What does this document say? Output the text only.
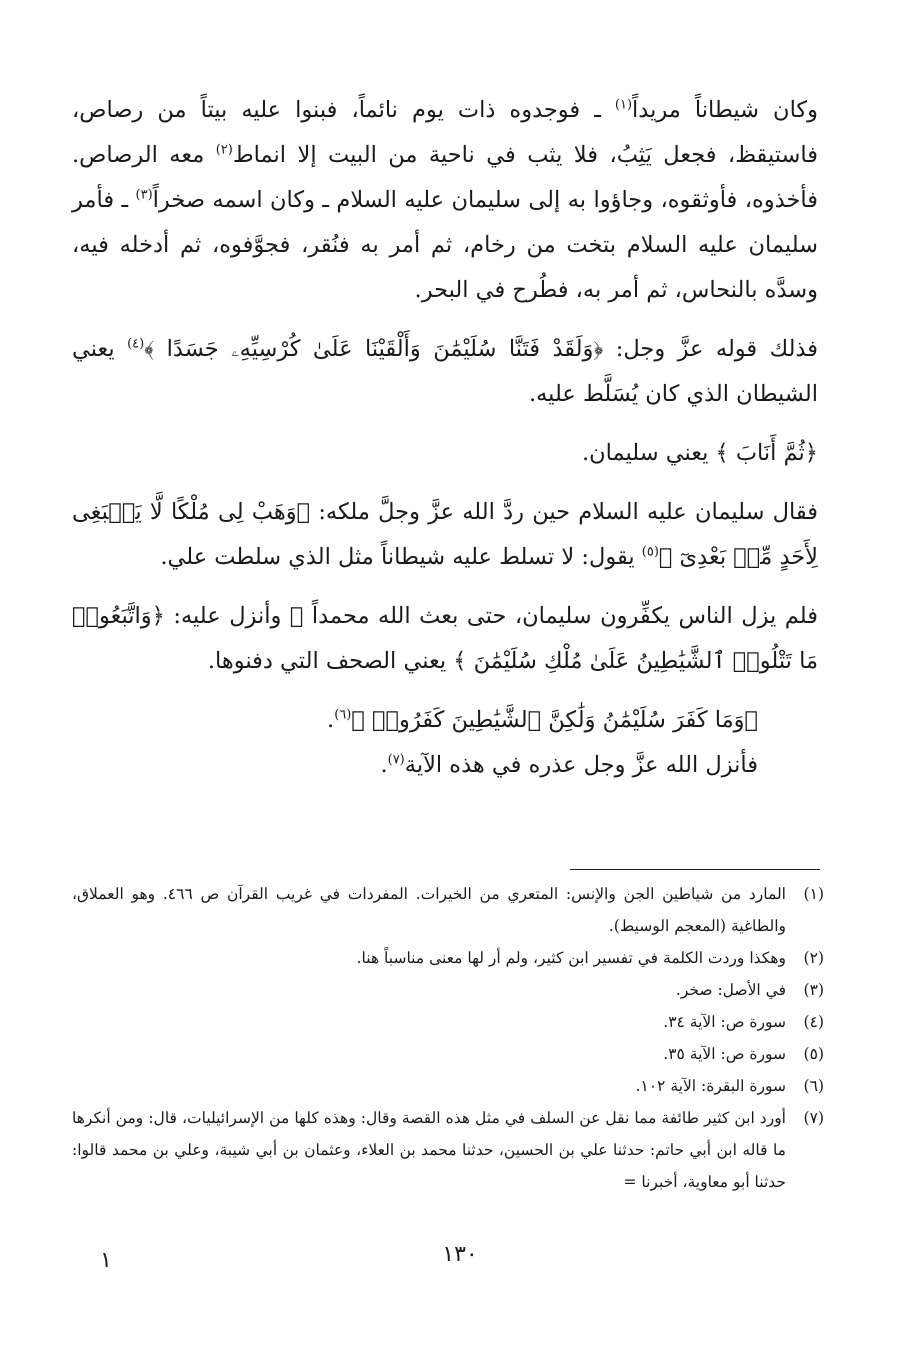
وكان شيطاناً مريداً$^{(١)}$ ـ فوجدوه ذات يوم نائماً، فبنوا عليه بيتاً من رصاص، فاستيقظ، فجعل يَثِبُ، فلا يثب في ناحية من البيت إلا انماط$^{(٢)}$ معه الرصاص. فأخذوه، فأوثقوه، وجاؤوا به إلى سليمان عليه السلام ـ وكان اسمه صخراً$^{(٣)}$ ـ فأمر سليمان عليه السلام بتخت من رخام، ثم أمر به فنُقر، فجوَّفوه، ثم أدخله فيه، وسدَّه بالنحاس، ثم أمر به، فطُرح في البحر.

فذلك قوله عزَّ وجل: ﴿وَلَقَدْ فَتَنَّا سُلَيْمَٰنَ وَأَلْقَيْنَا عَلَىٰ كُرْسِيِّهِۦ جَسَدًا ﴾$^{(٤)}$ يعني الشيطان الذي كان يُسَلَّط عليه.

﴿ثُمَّ أَنَابَ ﴾ يعني سليمان.

فقال سليمان عليه السلام حين ردَّ الله عزَّ وجلَّ ملكه: ﴿وَهَبْ لِى مُلْكًا لَّا يَنۢبَغِى لِأَحَدٍ مِّنۢ بَعْدِىٓ ﴾$^{(٥)}$ يقول: لا تسلط عليه شيطاناً مثل الذي سلطت علي.

فلم يزل الناس يكفِّرون سليمان، حتى بعث الله محمداً ﷺ وأنزل عليه: ﴿وَاتَّبَعُوا۟ مَا تَتْلُوا۟ ٱلشَّيَٰطِينُ عَلَىٰ مُلْكِ سُلَيْمَٰنَ ﴾ يعني الصحف التي دفنوها.

﴿وَمَا كَفَرَ سُلَيْمَٰنُ وَلَٰكِنَّ ٱلشَّيَٰطِينَ كَفَرُوا۟ ﴾$^{(٦)}$.

فأنزل الله عزَّ وجل عذره في هذه الآية$^{(٧)}$.

(١)
المارد من شياطين الجن والإنس: المتعري من الخيرات. المفردات في غريب القرآن ص ٤٦٦. وهو العملاق، والطاغية (المعجم الوسيط).
(٢)
وهكذا وردت الكلمة في تفسير ابن كثير، ولم أر لها معنى مناسباً هنا.
(٣)
في الأصل: صخر.
(٤)
سورة ص: الآية ٣٤.
(٥)
سورة ص: الآية ٣٥.
(٦)
سورة البقرة: الآية ١٠٢.
(٧)
أورد ابن كثير طائفة مما نقل عن السلف في مثل هذه القصة وقال: وهذه كلها من الإسرائيليات، قال: ومن أنكرها ما قاله ابن أبي حاتم: حدثنا علي بن الحسين، حدثنا محمد بن العلاء، وعثمان بن أبي شيبة، وعلي بن محمد قالوا: حدثنا أبو معاوية، أخبرنا =
١٣٠
١
